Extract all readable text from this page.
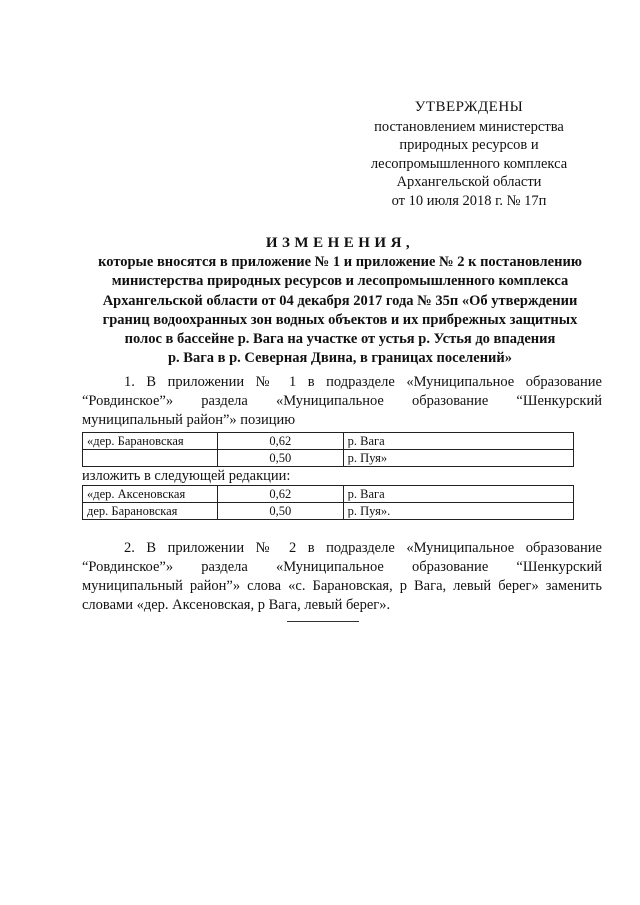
УТВЕРЖДЕНЫ
постановлением министерства
природных ресурсов и
лесопромышленного комплекса
Архангельской области
от 10 июля 2018 г. № 17п
ИЗМЕНЕНИЯ,
которые вносятся в приложение № 1 и приложение № 2 к постановлению
министерства природных ресурсов и лесопромышленного комплекса
Архангельской области от 04 декабря 2017 года № 35п «Об утверждении
границ водоохранных зон водных объектов и их прибрежных защитных
полос в бассейне р. Вага на участке от устья р. Устья до впадения
р. Вага в р. Северная Двина, в границах поселений»
1. В приложении № 1 в подразделе «Муниципальное образование “Ровдинское”» раздела «Муниципальное образование “Шенкурский муниципальный район”» позицию
«дер. Барановская	0,62	р. Вага
	0,50	р. Пуя»
изложить в следующей редакции:
«дер. Аксеновская	0,62	р. Вага
дер. Барановская	0,50	р. Пуя».
2. В приложении № 2 в подразделе «Муниципальное образование “Ровдинское”» раздела «Муниципальное образование “Шенкурский муниципальный район”» слова «с. Барановская, р Вага, левый берег» заменить словами «дер. Аксеновская, р Вага, левый берег».
